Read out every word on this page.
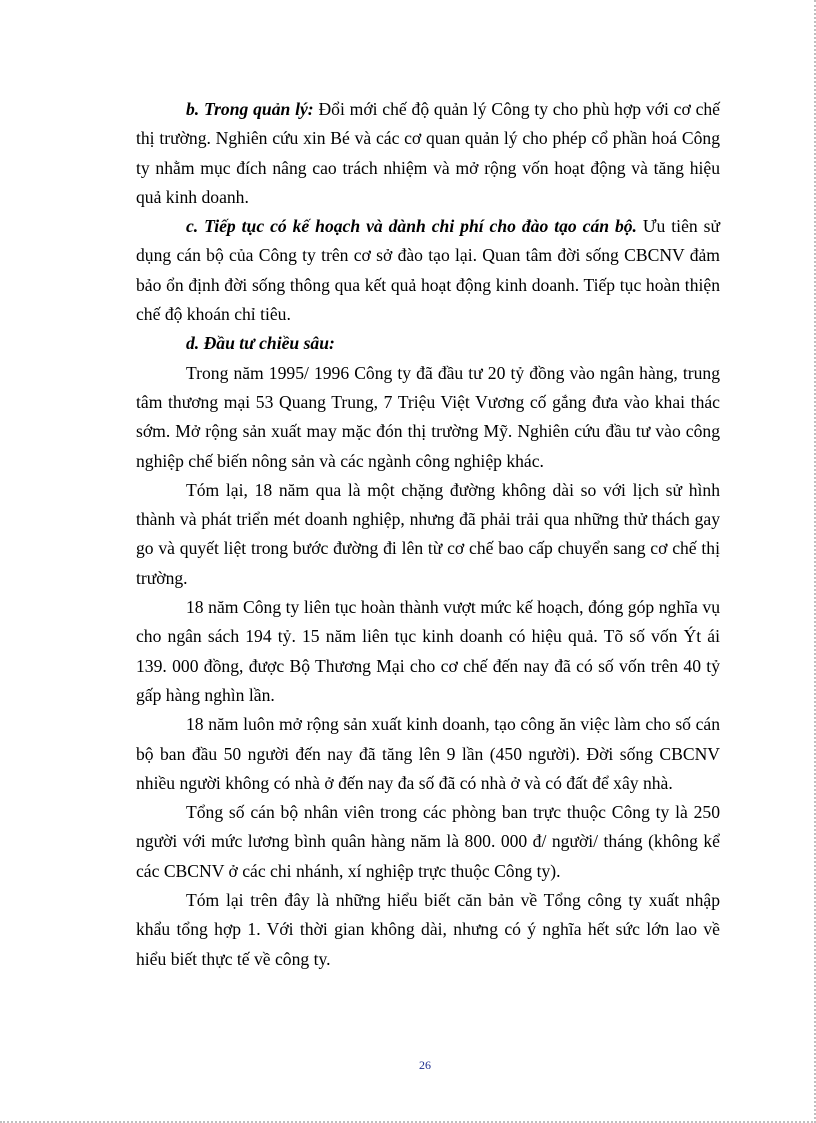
b. Trong quản lý: Đổi mới chế độ quản lý Công ty cho phù hợp với cơ chế thị trường. Nghiên cứu xin Bé và các cơ quan quản lý cho phép cổ phần hoá Công ty nhằm mục đích nâng cao trách nhiệm và mở rộng vốn hoạt động và tăng hiệu quả kinh doanh.

c. Tiếp tục có kế hoạch và dành chi phí cho đào tạo cán bộ. Ưu tiên sử dụng cán bộ của Công ty trên cơ sở đào tạo lại. Quan tâm đời sống CBCNV đảm bảo ổn định đời sống thông qua kết quả hoạt động kinh doanh. Tiếp tục hoàn thiện chế độ khoán chỉ tiêu.

d. Đầu tư chiều sâu:

Trong năm 1995/ 1996 Công ty đã đầu tư 20 tỷ đồng vào ngân hàng, trung tâm thương mại 53 Quang Trung, 7 Triệu Việt Vương cố gắng đưa vào khai thác sớm. Mở rộng sản xuất may mặc đón thị trường Mỹ. Nghiên cứu đầu tư vào công nghiệp chế biến nông sản và các ngành công nghiệp khác.

Tóm lại, 18 năm qua là một chặng đường không dài so với lịch sử hình thành và phát triển mét doanh nghiệp, nhưng đã phải trải qua những thử thách gay go và quyết liệt trong bước đường đi lên từ cơ chế bao cấp chuyển sang cơ chế thị trường.

18 năm Công ty liên tục hoàn thành vượt mức kế hoạch, đóng góp nghĩa vụ cho ngân sách 194 tỷ. 15 năm liên tục kinh doanh có hiệu quả. Tõ số vốn Ýt ái 139. 000 đồng, được Bộ Thương Mại cho cơ chế đến nay đã có số vốn trên 40 tỷ gấp hàng nghìn lần.

18 năm luôn mở rộng sản xuất kinh doanh, tạo công ăn việc làm cho số cán bộ ban đầu 50 người đến nay đã tăng lên 9 lần (450 người). Đời sống CBCNV nhiều người không có nhà ở đến nay đa số đã có nhà ở và có đất để xây nhà.

Tổng số cán bộ nhân viên trong các phòng ban trực thuộc Công ty là 250 người với mức lương bình quân hàng năm là 800. 000 đ/ người/ tháng (không kể các CBCNV ở các chi nhánh, xí nghiệp trực thuộc Công ty).

Tóm lại trên đây là những hiểu biết căn bản về Tổng công ty xuất nhập khẩu tổng hợp 1. Với thời gian không dài, nhưng có ý nghĩa hết sức lớn lao về hiểu biết thực tế về công ty.

26
